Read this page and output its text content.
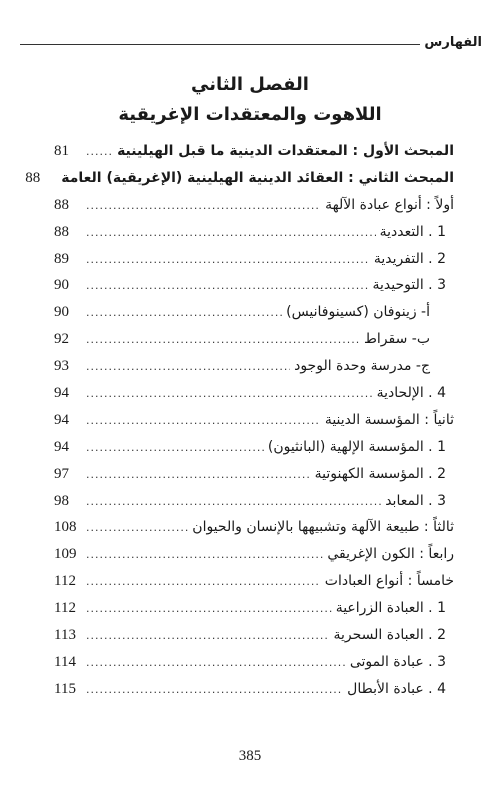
الفهارس
الفصل الثاني
اللاهوت والمعتقدات الإغريقية
المبحث الأول : المعتقدات الدينية ما قبل الهيلينية
.....
81
المبحث الثاني : العقائد الدينية الهيلينية (الإغريقية) العامة
88
أولاً : أنواع عبادة الآلهة
.....
88
1 . التعددية
.....
88
2 . التفريدية
.....
89
3 . التوحيدية
.....
90
أ- زينوفان (كسينوفانيس)
.....
90
ب- سقراط
.....
92
ج- مدرسة وحدة الوجود
.....
93
4 . الإلحادية
.....
94
ثانياً : المؤسسة الدينية
.....
94
1 . المؤسسة الإلهية (البانثيون)
.....
94
2 . المؤسسة الكهنوتية
.....
97
3 . المعابد
.....
98
ثالثاً : طبيعة الآلهة وتشبيهها بالإنسان والحيوان
.....
108
رابعاً : الكون الإغريقي
.....
109
خامساً : أنواع العبادات
.....
112
1 . العبادة الزراعية
.....
112
2 . العبادة السحرية
.....
113
3 . عبادة الموتى
.....
114
4 . عبادة الأبطال
.....
115
385
